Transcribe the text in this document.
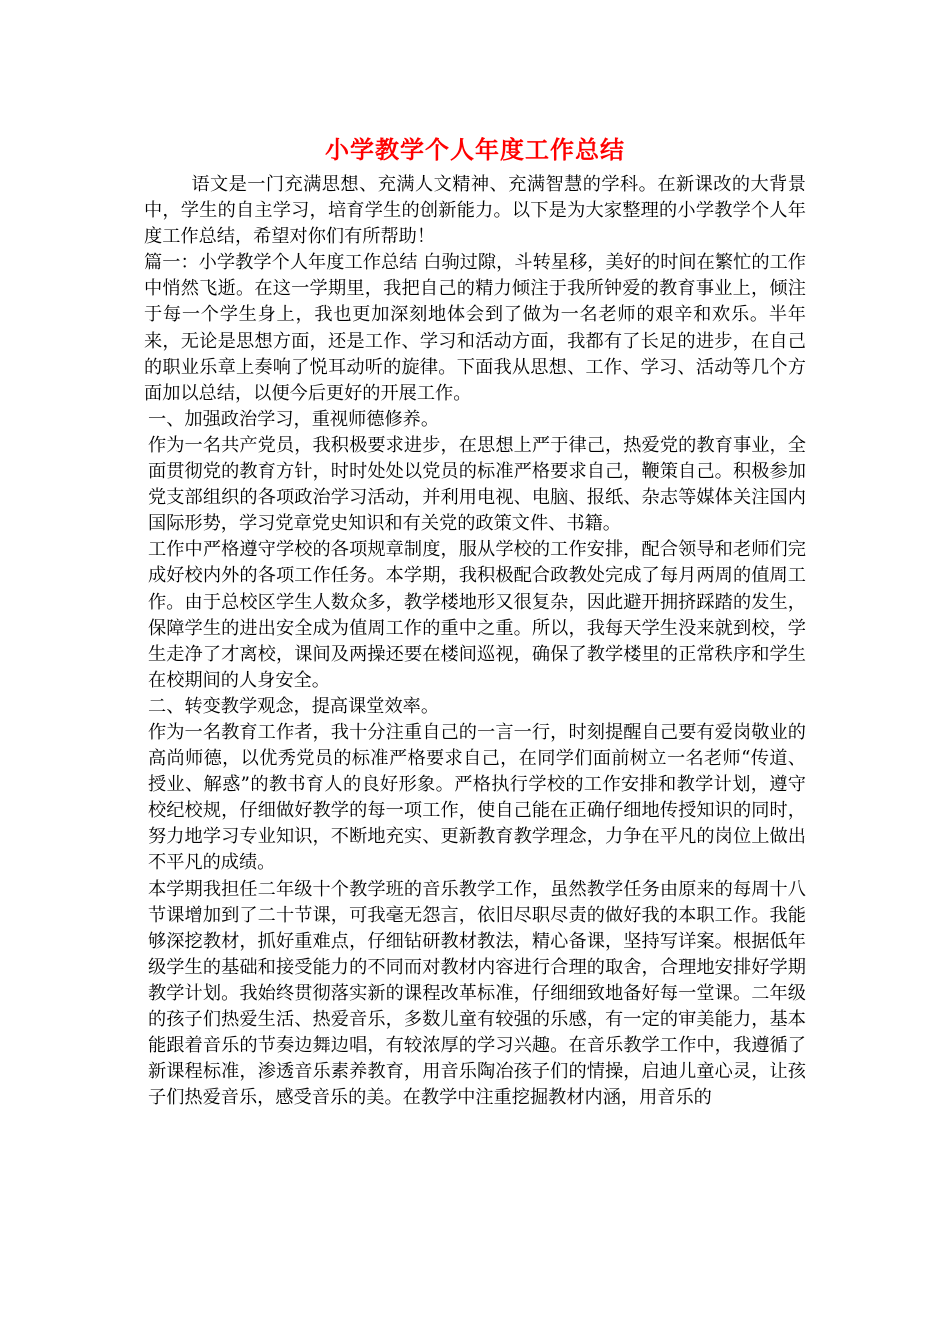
小学教学个人年度工作总结

语文是一门充满思想、充满人文精神、充满智慧的学科。在新课改的大背景中，学生的自主学习，培育学生的创新能力。以下是为大家整理的小学教学个人年度工作总结，希望对你们有所帮助！

篇一：小学教学个人年度工作总结 白驹过隙，斗转星移，美好的时间在繁忙的工作中悄然飞逝。在这一学期里，我把自己的精力倾注于我所钟爱的教育事业上，倾注于每一个学生身上，我也更加深刻地体会到了做为一名老师的艰辛和欢乐。半年来，无论是思想方面，还是工作、学习和活动方面，我都有了长足的进步，在自己的职业乐章上奏响了悦耳动听的旋律。下面我从思想、工作、学习、活动等几个方面加以总结，以便今后更好的开展工作。

一、加强政治学习，重视师德修养。

作为一名共产党员，我积极要求进步，在思想上严于律己，热爱党的教育事业，全面贯彻党的教育方针，时时处处以党员的标准严格要求自己，鞭策自己。积极参加党支部组织的各项政治学习活动，并利用电视、电脑、报纸、杂志等媒体关注国内国际形势，学习党章党史知识和有关党的政策文件、书籍。

工作中严格遵守学校的各项规章制度，服从学校的工作安排，配合领导和老师们完成好校内外的各项工作任务。本学期，我积极配合政教处完成了每月两周的值周工作。由于总校区学生人数众多，教学楼地形又很复杂，因此避开拥挤踩踏的发生，保障学生的进出安全成为值周工作的重中之重。所以，我每天学生没来就到校，学生走净了才离校，课间及两操还要在楼间巡视，确保了教学楼里的正常秩序和学生在校期间的人身安全。

二、转变教学观念，提高课堂效率。

作为一名教育工作者，我十分注重自己的一言一行，时刻提醒自己要有爱岗敬业的高尚师德，以优秀党员的标准严格要求自己，在同学们面前树立一名老师“传道、授业、解惑”的教书育人的良好形象。严格执行学校的工作安排和教学计划，遵守校纪校规，仔细做好教学的每一项工作，使自己能在正确仔细地传授知识的同时，努力地学习专业知识，不断地充实、更新教育教学理念，力争在平凡的岗位上做出不平凡的成绩。

本学期我担任二年级十个教学班的音乐教学工作，虽然教学任务由原来的每周十八节课增加到了二十节课，可我毫无怨言，依旧尽职尽责的做好我的本职工作。我能够深挖教材，抓好重难点，仔细钻研教材教法，精心备课，坚持写详案。根据低年级学生的基础和接受能力的不同而对教材内容进行合理的取舍，合理地安排好学期教学计划。我始终贯彻落实新的课程改革标准，仔细细致地备好每一堂课。二年级的孩子们热爱生活、热爱音乐，多数儿童有较强的乐感，有一定的审美能力，基本能跟着音乐的节奏边舞边唱，有较浓厚的学习兴趣。在音乐教学工作中，我遵循了新课程标准，渗透音乐素养教育，用音乐陶冶孩子们的情操，启迪儿童心灵，让孩子们热爱音乐，感受音乐的美。在教学中注重挖掘教材内涵，用音乐的
